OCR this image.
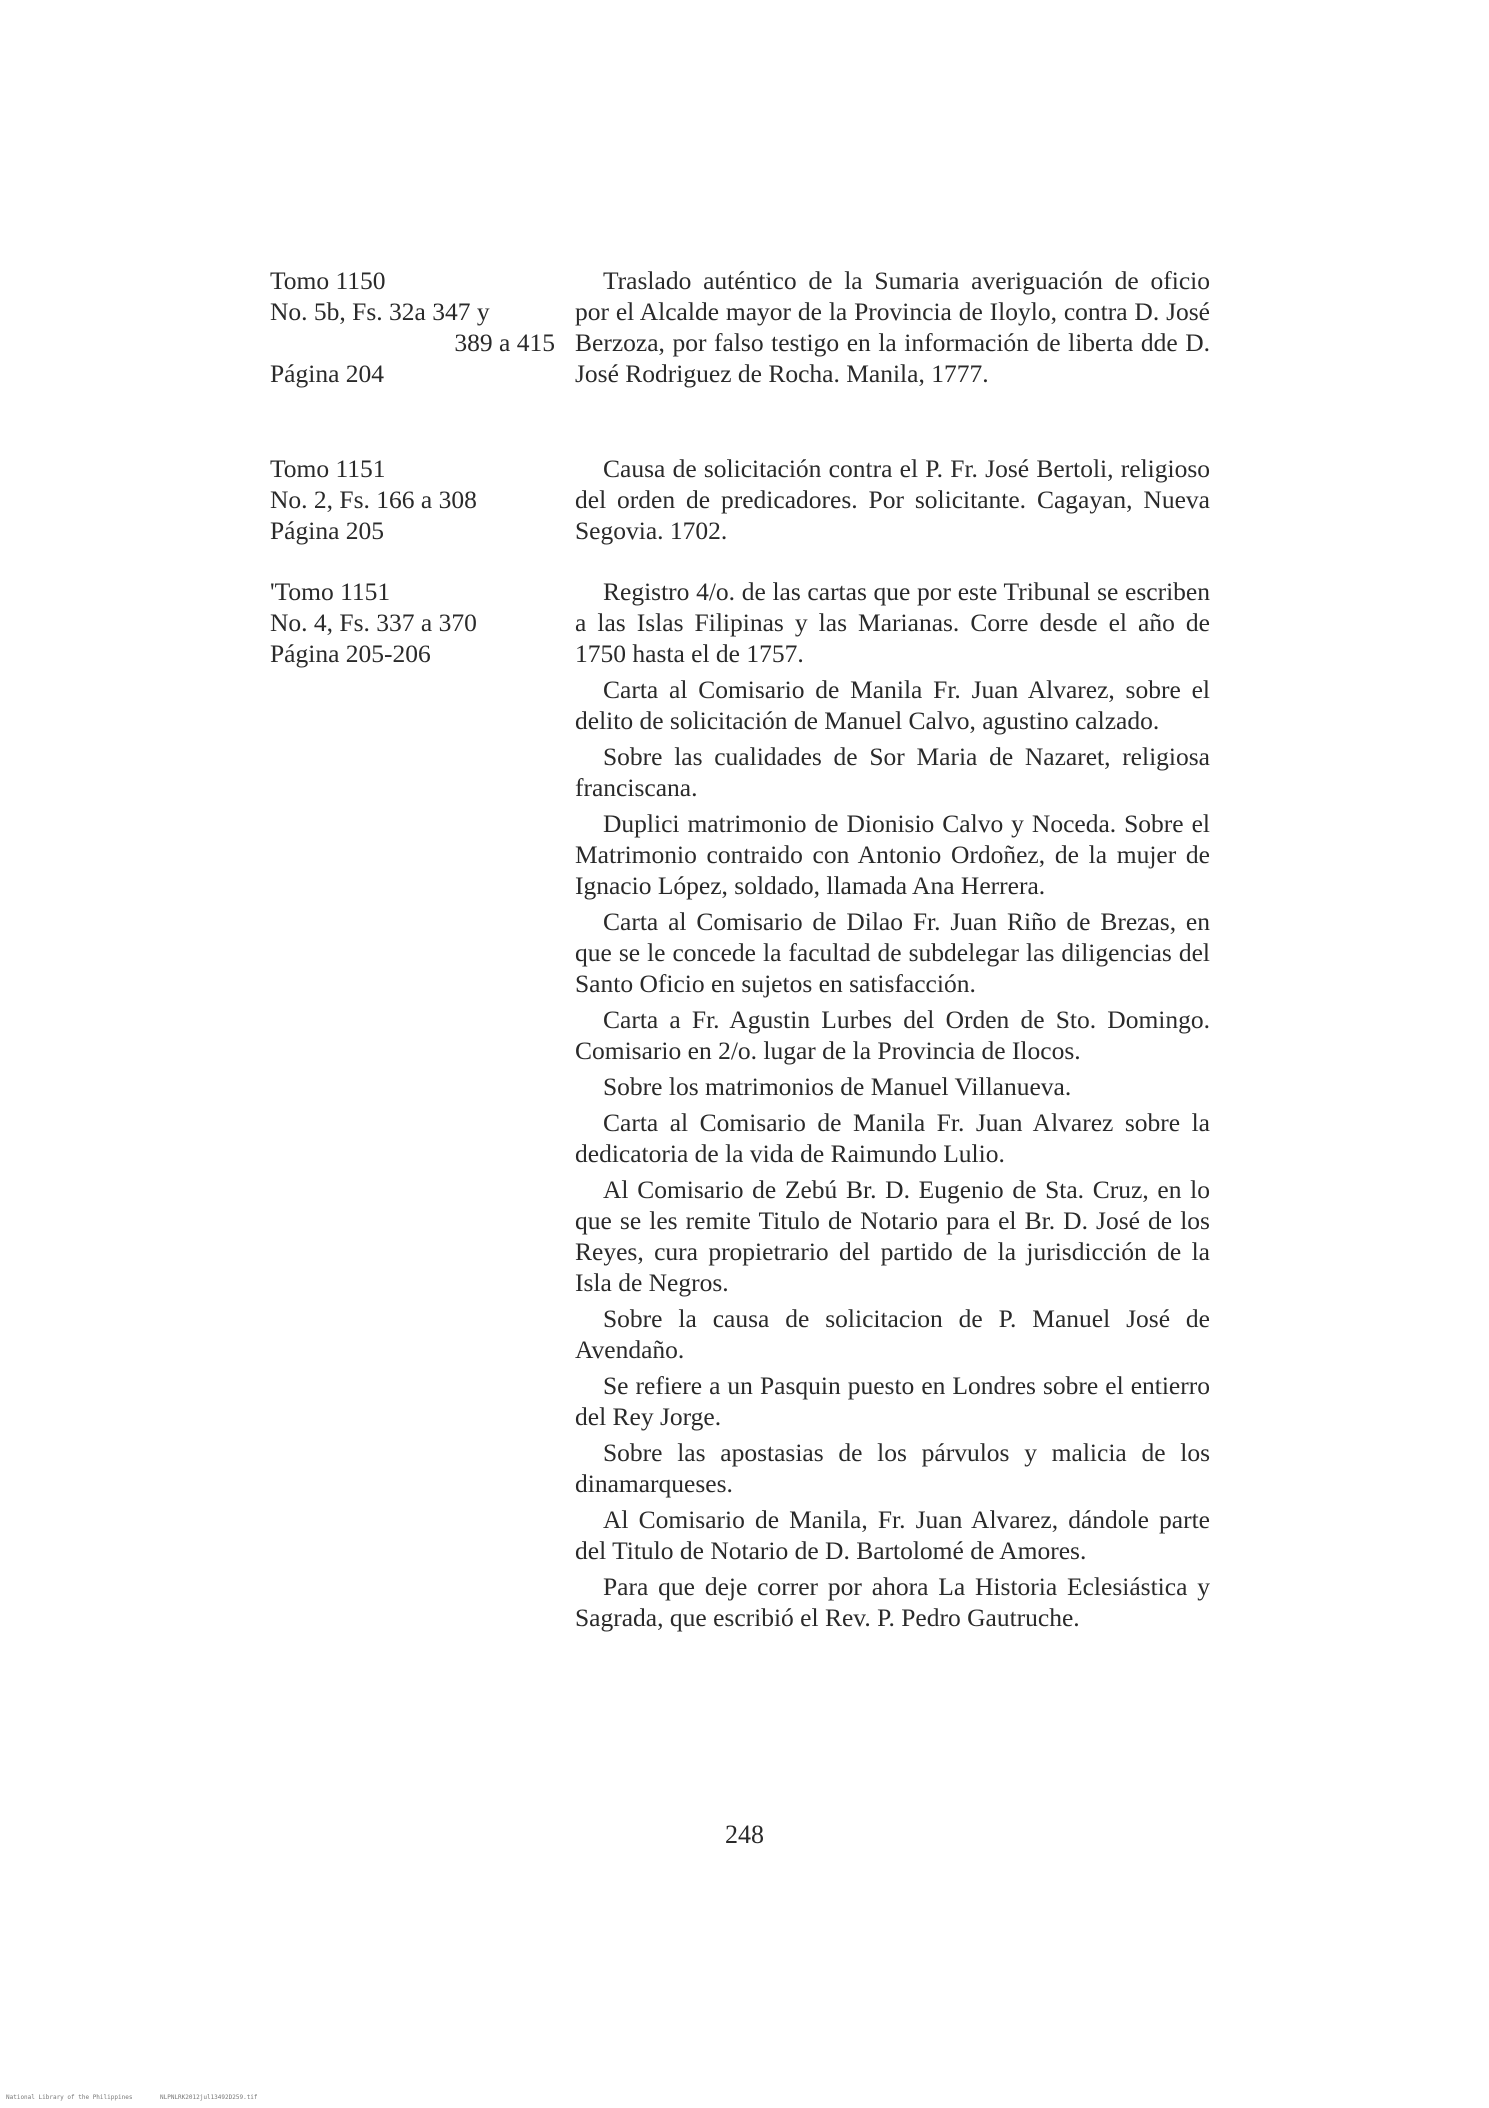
Tomo 1150
No. 5b, Fs. 32a 347 y
389 a 415
Página 204
Traslado auténtico de la Sumaria averiguación de oficio por el Alcalde mayor de la Provincia de Iloylo, contra D. José Berzoza, por falso testigo en la información de liberta dde D. José Rodriguez de Rocha. Manila, 1777.
Tomo 1151
No. 2, Fs. 166 a 308
Página 205
Causa de solicitación contra el P. Fr. José Bertoli, religioso del orden de predicadores. Por solicitante. Cagayan, Nueva Segovia. 1702.
'Tomo 1151
No. 4, Fs. 337 a 370
Página 205-206
Registro 4/o. de las cartas que por este Tribunal se escriben a las Islas Filipinas y las Marianas. Corre desde el año de 1750 hasta el de 1757.
Carta al Comisario de Manila Fr. Juan Alvarez, sobre el delito de solicitación de Manuel Calvo, agustino calzado.
Sobre las cualidades de Sor Maria de Nazaret, religiosa franciscana.
Duplici matrimonio de Dionisio Calvo y Noceda. Sobre el Matrimonio contraido con Antonio Ordoñez, de la mujer de Ignacio López, soldado, llamada Ana Herrera.
Carta al Comisario de Dilao Fr. Juan Riño de Brezas, en que se le concede la facultad de subdelegar las diligencias del Santo Oficio en sujetos en satisfacción.
Carta a Fr. Agustin Lurbes del Orden de Sto. Domingo. Comisario en 2/o. lugar de la Provincia de Ilocos.
Sobre los matrimonios de Manuel Villanueva.
Carta al Comisario de Manila Fr. Juan Alvarez sobre la dedicatoria de la vida de Raimundo Lulio.
Al Comisario de Zebú Br. D. Eugenio de Sta. Cruz, en lo que se les remite Titulo de Notario para el Br. D. José de los Reyes, cura propietrario del partido de la jurisdicción de la Isla de Negros.
Sobre la causa de solicitacion de P. Manuel José de Avendaño.
Se refiere a un Pasquin puesto en Londres sobre el entierro del Rey Jorge.
Sobre las apostasias de los párvulos y malicia de los dinamarqueses.
Al Comisario de Manila, Fr. Juan Alvarez, dándole parte del Titulo de Notario de D. Bartolomé de Amores.
Para que deje correr por ahora La Historia Eclesiástica y Sagrada, que escribió el Rev. P. Pedro Gautruche.
248
National Library of the Philippines	NLPNLRK2012jul13492D259.tif
